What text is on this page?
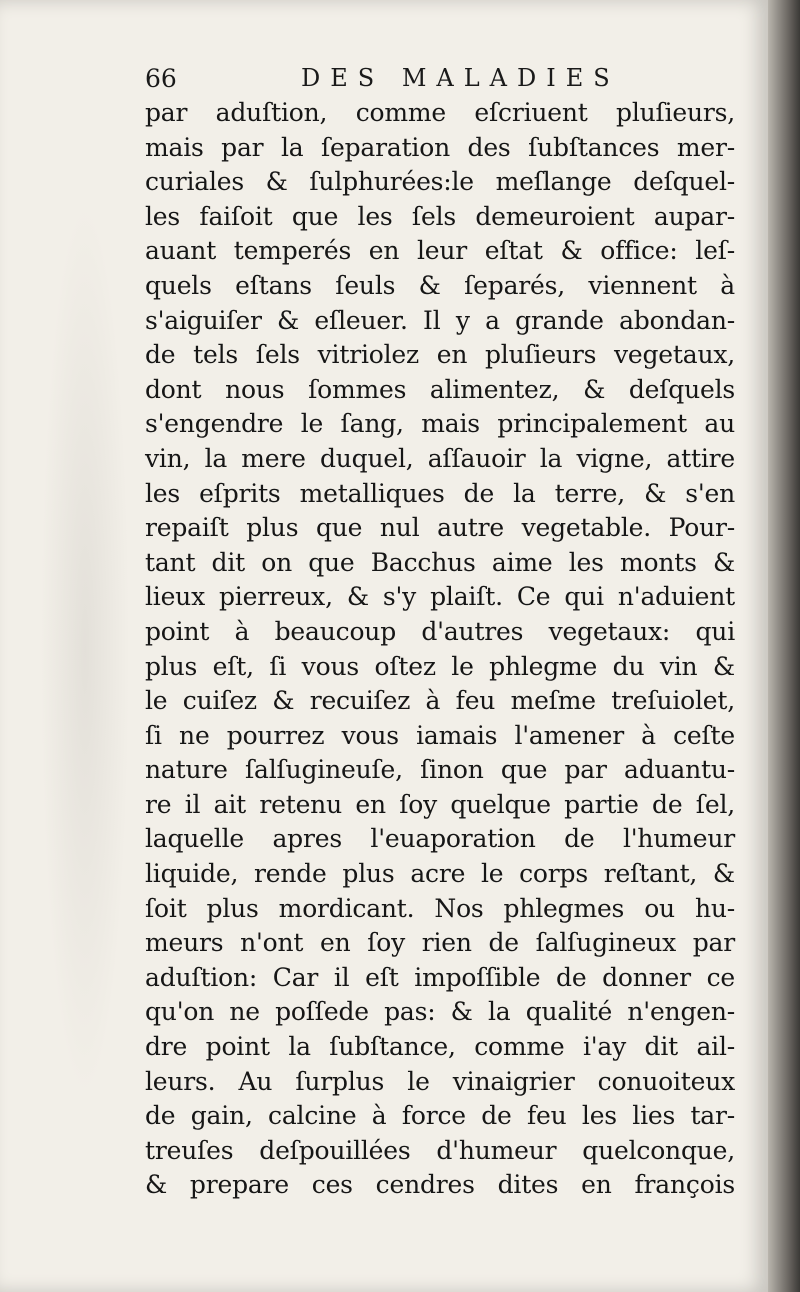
66	DES MALADIES
par aduſtion, comme eſcriuent pluſieurs,
mais par la ſeparation des ſubſtances mer-
curiales & ſulphurées:le meſlange deſquel-
les faiſoit que les ſels demeuroient aupar-
auant temperés en leur eſtat & office: leſ-
quels eſtans ſeuls & ſeparés, viennent à
s'aiguiſer & eſleuer. Il y a grande abondan-
de tels ſels vitriolez en pluſieurs vegetaux,
dont nous ſommes alimentez, & deſquels
s'engendre le ſang, mais principalement au
vin, la mere duquel, aſſauoir la vigne, attire
les eſprits metalliques de la terre, & s'en
repaiſt plus que nul autre vegetable. Pour-
tant dit on que Bacchus aime les monts &
lieux pierreux, & s'y plaiſt. Ce qui n'aduient
point à beaucoup d'autres vegetaux: qui
plus eſt, ſi vous oſtez le phlegme du vin &
le cuiſez & recuiſez à feu meſme treſuiolet,
ſi ne pourrez vous iamais l'amener à ceſte
nature ſalſugineuſe, ſinon que par aduantu-
re il ait retenu en ſoy quelque partie de ſel,
laquelle apres l'euaporation de l'humeur
liquide, rende plus acre le corps reſtant, &
ſoit plus mordicant. Nos phlegmes ou hu-
meurs n'ont en ſoy rien de ſalſugineux par
aduſtion: Car il eſt impoſſible de donner ce
qu'on ne poſſede pas: & la qualité n'engen-
dre point la ſubſtance, comme i'ay dit ail-
leurs. Au ſurplus le vinaigrier conuoiteux
de gain, calcine à force de feu les lies tar-
treuſes deſpouillées d'humeur quelconque,
& prepare ces cendres dites en françois
